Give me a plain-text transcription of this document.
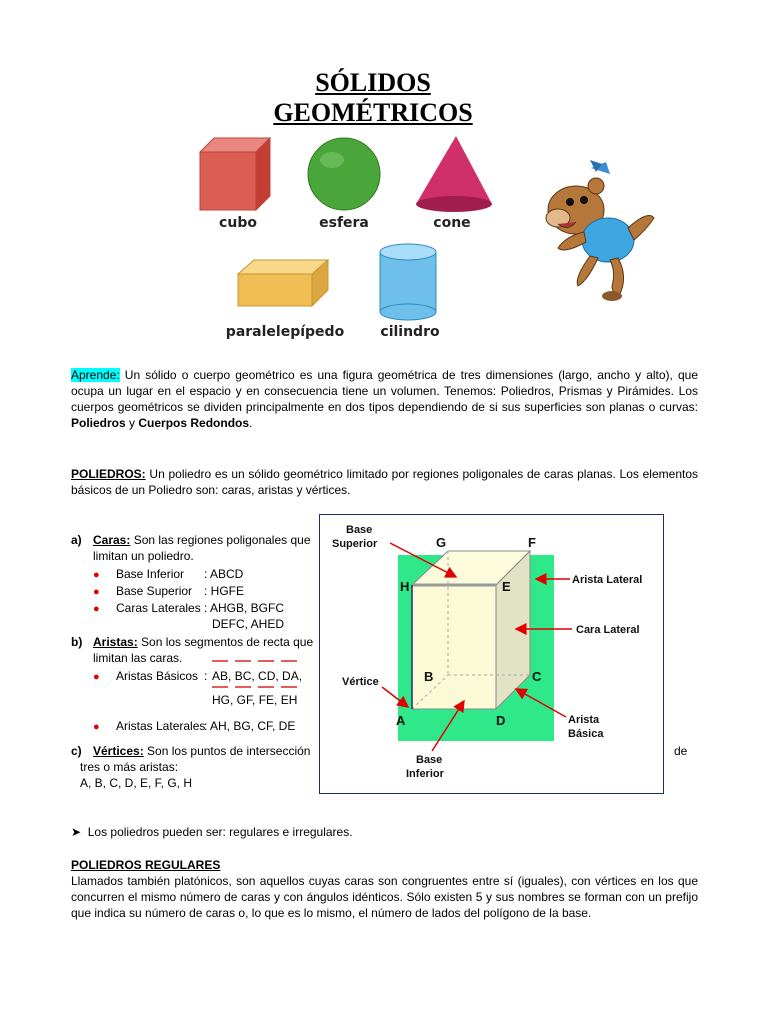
SÓLIDOS
GEOMÉTRICOS
cubo	esfera	cone
paralelepípedo	cilindro
Aprende: Un sólido o cuerpo geométrico es una figura geométrica de tres dimensiones (largo, ancho y alto), que ocupa un lugar en el espacio y en consecuencia tiene un volumen. Tenemos: Poliedros, Prismas y Pirámides. Los cuerpos geométricos se dividen principalmente en dos tipos dependiendo de si sus superficies son planas o curvas: Poliedros y Cuerpos Redondos.
POLIEDROS: Un poliedro es un sólido geométrico limitado por regiones poligonales de caras planas. Los elementos básicos de un Poliedro son: caras, aristas y vértices.
a) Caras: Son las regiones poligonales que
limitan un poliedro.
● Base Inferior : ABCD
● Base Superior : HGFE
● Caras Laterales : AHGB, BGFC
DEFC, AHED
b) Aristas: Son los segmentos de recta que
limitan las caras.
● Aristas Básicos : AB, BC, CD, DA,
HG, GF, FE, EH
● Aristas Laterales
: AH, BG, CF, DE
c) Vértices: Son los puntos de intersección	de
tres o más aristas:
A, B, C, D, E, F, G, H
G	F
H	E
B	C
A	D
Base
Superior
Arista Lateral
Cara Lateral
Vértice
Arista
Básica
Base
Inferior
➤ Los poliedros pueden ser: regulares e irregulares.
POLIEDROS REGULARES
Llamados también platónicos, son aquellos cuyas caras son congruentes entre sí (iguales), con vértices en los que concurren el mismo número de caras y con ángulos idénticos. Sólo existen 5 y sus nombres se forman con un prefijo que indica su número de caras o, lo que es lo mismo, el número de lados del polígono de la base.
